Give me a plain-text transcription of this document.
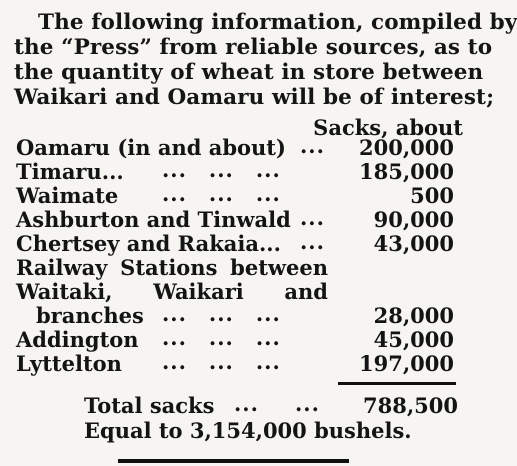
The following information, compiled by
the “Press” from reliable sources, as to
the quantity of wheat in store between
Waikari and Oamaru will be of interest;
Sacks, about
Oamaru (in and about) ... 200,000
Timaru... ... ... ...	185,000
Waimate ... ... ...	500
Ashburton and Tinwald ... 90,000
Chertsey and Rakaia... ... 43,000
Railway Stations between
Waitaki, Waikari and
branches ... ... ...	28,000
Addington ... ... ...	45,000
Lyttelton ... ... ...	197,000
Total sacks ... ... 788,500
Equal to 3,154,000 bushels.
